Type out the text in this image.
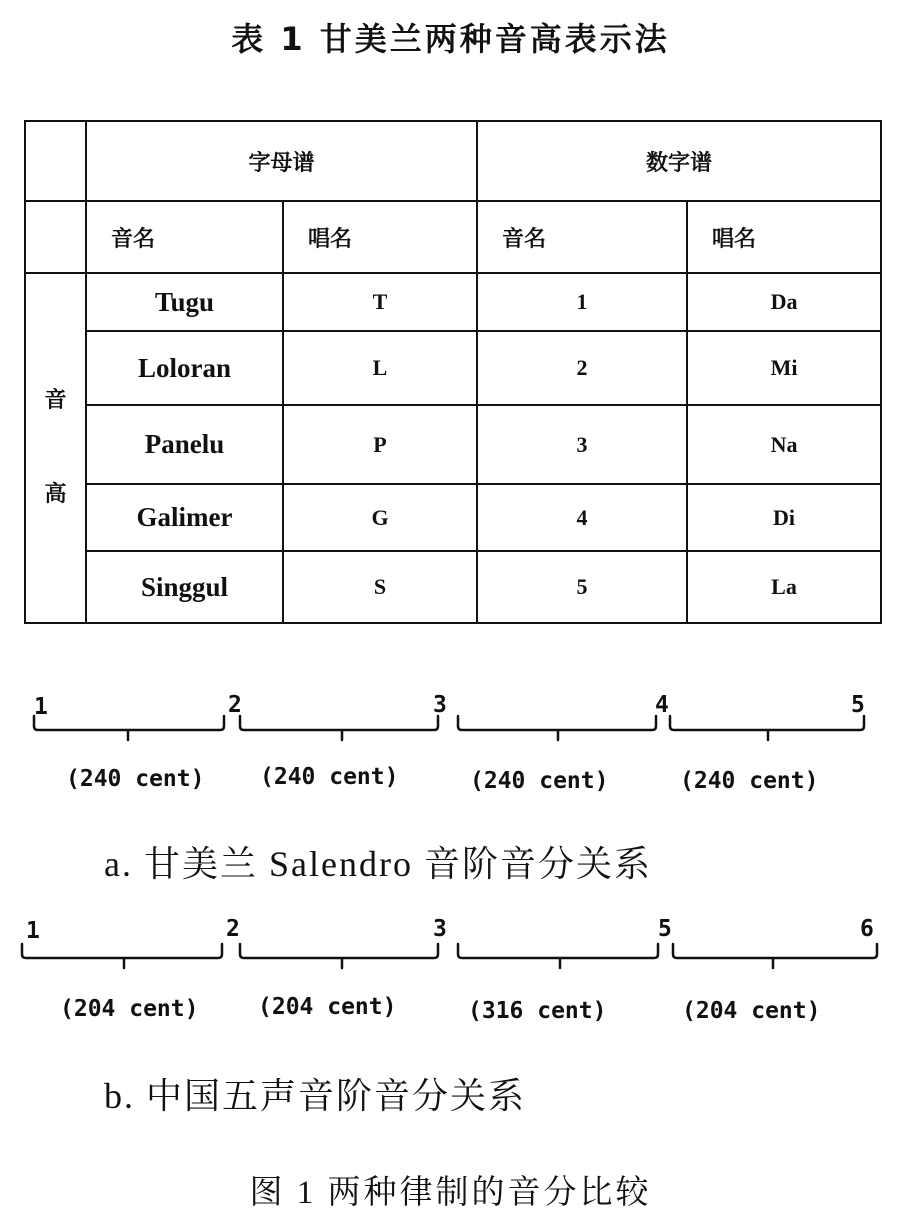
表 1 甘美兰两种音高表示法
	字母谱		数字谱	
	音名	唱名	音名	唱名

音
高	Tugu	T	1	Da
	Loloran	L	2	Mi
	Panelu	P	3	Na
	Galimer	G	4	Di
	Singgul	S	5	La
1	2	3	4	5
(240 cent) (240 cent)	(240 cent)	(240 cent)
a. 甘美兰 Salendro 音阶音分关系
1	2	3	5	6
(204 cent)	(204 cent)	(316 cent)	(204 cent)
b. 中国五声音阶音分关系
图 1 两种律制的音分比较
